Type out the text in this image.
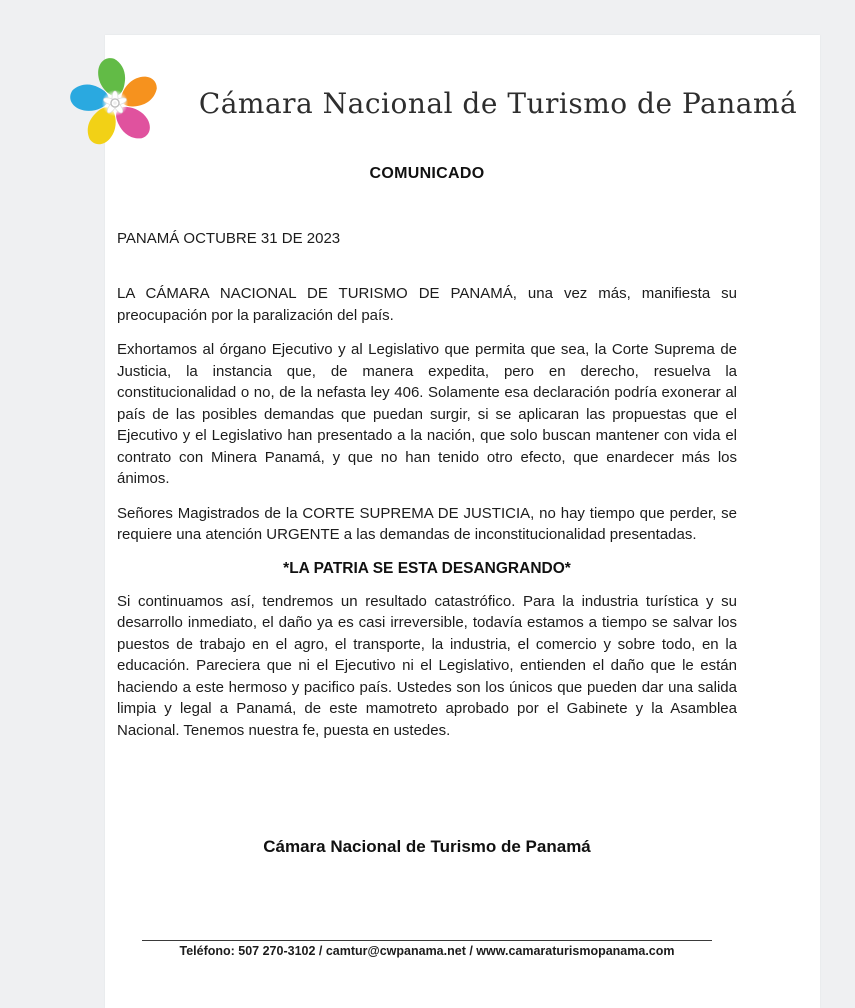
Cámara Nacional de Turismo de Panamá
COMUNICADO
PANAMÁ OCTUBRE 31 DE 2023

LA CÁMARA NACIONAL DE TURISMO DE PANAMÁ, una vez más, manifiesta su preocupación por la paralización del país.

Exhortamos al órgano Ejecutivo y al Legislativo que permita que sea, la Corte Suprema de Justicia, la instancia que, de manera expedita, pero en derecho, resuelva la constitucionalidad o no, de la nefasta ley 406. Solamente esa declaración podría exonerar al país de las posibles demandas que puedan surgir, si se aplicaran las propuestas que el Ejecutivo y el Legislativo han presentado a la nación, que solo buscan mantener con vida el contrato con Minera Panamá, y que no han tenido otro efecto, que enardecer más los ánimos.

Señores Magistrados de la CORTE SUPREMA DE JUSTICIA, no hay tiempo que perder, se requiere una atención URGENTE a las demandas de inconstitucionalidad presentadas.

*LA PATRIA SE ESTA DESANGRANDO*

Si continuamos así, tendremos un resultado catastrófico. Para la industria turística y su desarrollo inmediato, el daño ya es casi irreversible, todavía estamos a tiempo se salvar los puestos de trabajo en el agro, el transporte, la industria, el comercio y sobre todo, en la educación. Pareciera que ni el Ejecutivo ni el Legislativo, entienden el daño que le están haciendo a este hermoso y pacifico país. Ustedes son los únicos que pueden dar una salida limpia y legal a Panamá, de este mamotreto aprobado por el Gabinete y la Asamblea Nacional. Tenemos nuestra fe, puesta en ustedes.

Cámara Nacional de Turismo de Panamá
Teléfono: 507 270-3102 / camtur@cwpanama.net / www.camaraturismopanama.com
